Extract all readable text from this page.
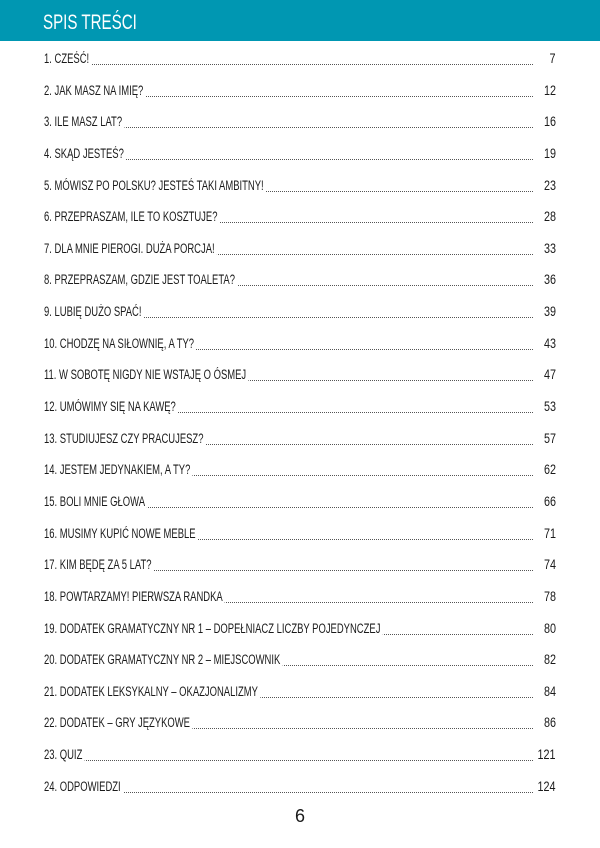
SPIS TREŚCI
1. CZEŚĆ!	7
2. JAK MASZ NA IMIĘ?	12
3. ILE MASZ LAT?	16
4. SKĄD JESTEŚ?	19
5. MÓWISZ PO POLSKU? JESTEŚ TAKI AMBITNY!	23
6. PRZEPRASZAM, ILE TO KOSZTUJE?	28
7. DLA MNIE PIEROGI. DUŻA PORCJA!	33
8. PRZEPRASZAM, GDZIE JEST TOALETA?	36
9. LUBIĘ DUŻO SPAĆ!	39
10. CHODZĘ NA SIŁOWNIĘ, A TY?	43
11. W SOBOTĘ NIGDY NIE WSTAJĘ O ÓSMEJ	47
12. UMÓWIMY SIĘ NA KAWĘ?	53
13. STUDIUJESZ CZY PRACUJESZ?	57
14. JESTEM JEDYNAKIEM, A TY?	62
15. BOLI MNIE GŁOWA	66
16. MUSIMY KUPIĆ NOWE MEBLE	71
17. KIM BĘDĘ ZA 5 LAT?	74
18. POWTARZAMY! PIERWSZA RANDKA	78
19. DODATEK GRAMATYCZNY NR 1 – DOPEŁNIACZ LICZBY POJEDYNCZEJ	80
20. DODATEK GRAMATYCZNY NR 2 – MIEJSCOWNIK	82
21. DODATEK LEKSYKALNY – OKAZJONALIZMY	84
22. DODATEK – GRY JĘZYKOWE	86
23. QUIZ	121
24. ODPOWIEDZI	124
6
